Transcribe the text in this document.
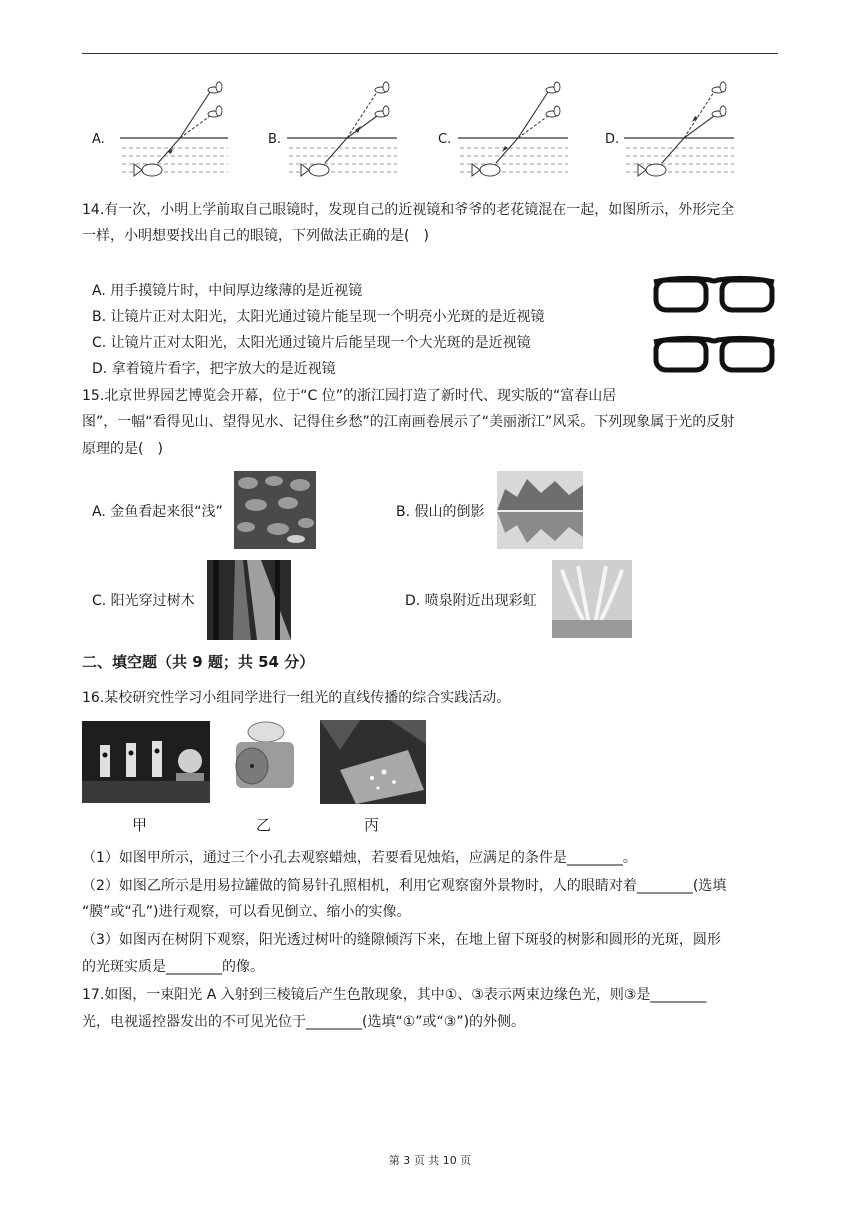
A.	B.	C.	D.
14.有一次，小明上学前取自己眼镜时，发现自己的近视镜和爷爷的老花镜混在一起，如图所示，外形完全
一样，小明想要找出自己的眼镜，下列做法正确的是(　)
A. 用手摸镜片时，中间厚边缘薄的是近视镜
B. 让镜片正对太阳光，太阳光通过镜片能呈现一个明亮小光斑的是近视镜
C. 让镜片正对太阳光，太阳光通过镜片后能呈现一个大光斑的是近视镜
D. 拿着镜片看字，把字放大的是近视镜
15.北京世界园艺博览会开幕，位于“C 位”的浙江园打造了新时代、现实版的“富春山居
图”，一幅“看得见山、望得见水、记得住乡愁”的江南画卷展示了“美丽浙江”风采。下列现象属于光的反射
原理的是(　)
A. 金鱼看起来很“浅”	B. 假山的倒影
C. 阳光穿过树木	D. 喷泉附近出现彩虹
二、填空题（共 9 题；共 54 分）
16.某校研究性学习小组同学进行一组光的直线传播的综合实践活动。
甲	乙	丙
（1）如图甲所示，通过三个小孔去观察蜡烛，若要看见烛焰，应满足的条件是________。
（2）如图乙所示是用易拉罐做的简易针孔照相机，利用它观察窗外景物时，人的眼睛对着________(选填
“膜”或“孔”)进行观察，可以看见倒立、缩小的实像。
（3）如图丙在树阴下观察，阳光透过树叶的缝隙倾泻下来，在地上留下斑驳的树影和圆形的光斑，圆形
的光斑实质是________的像。
17.如图，一束阳光 A 入射到三棱镜后产生色散现象，其中①、③表示两束边缘色光，则③是________
光，电视遥控器发出的不可见光位于________(选填“①”或“③”)的外侧。
第 3 页 共 10 页
